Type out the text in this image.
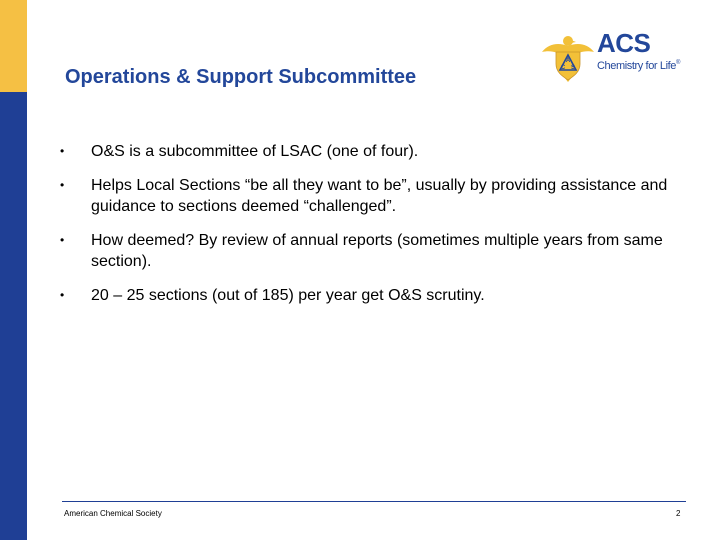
Operations & Support Subcommittee
A
C S
ACS
Chemistry for Life®
• O&S is a subcommittee of LSAC (one of four).
• Helps Local Sections “be all they want to be”, usually by providing assistance and guidance to sections deemed “challenged”.
• How deemed? By review of annual reports (sometimes multiple years from same section).
• 20 – 25 sections (out of 185) per year get O&S scrutiny.
American Chemical Society	2
